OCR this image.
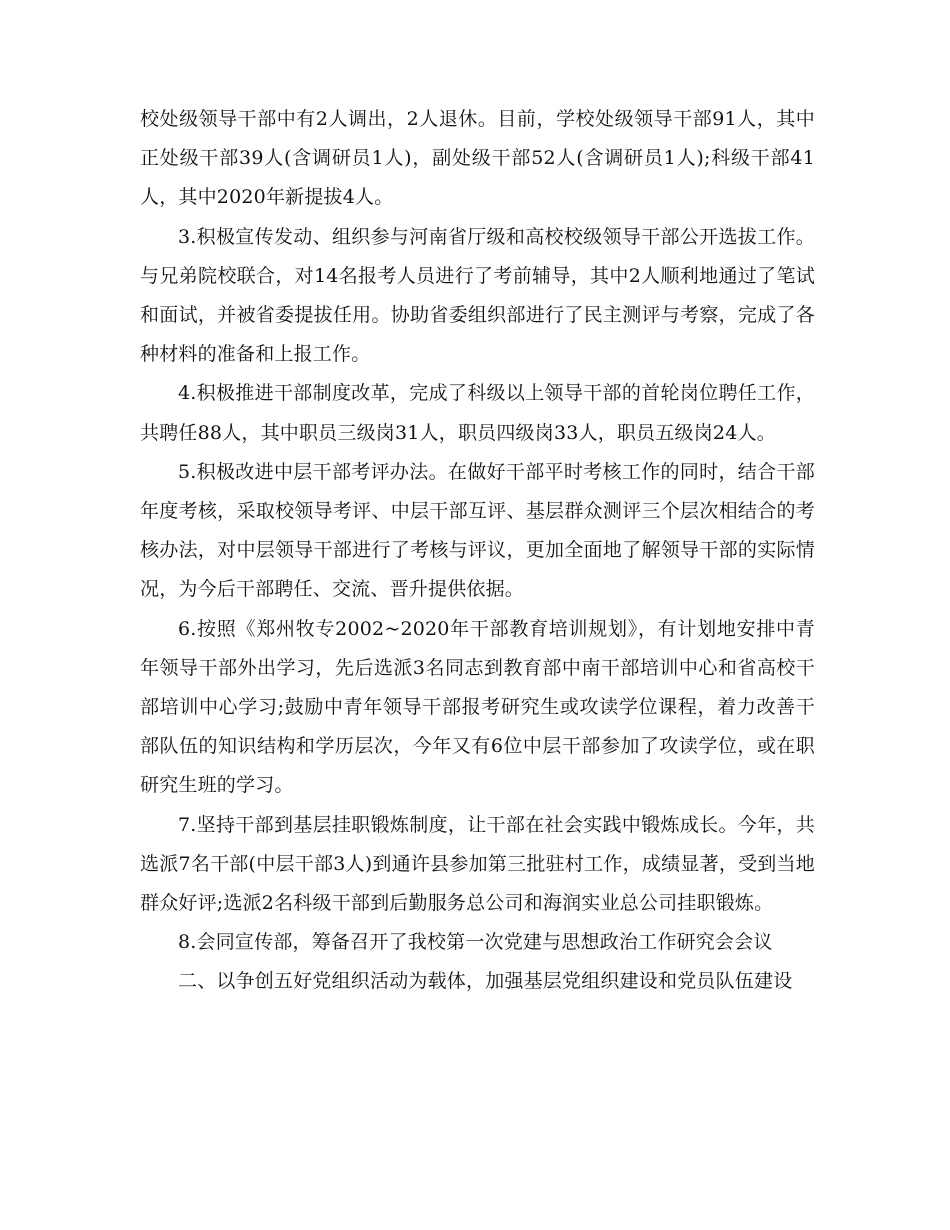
校处级领导干部中有2人调出，2人退休。目前，学校处级领导干部91人，其中正处级干部39人(含调研员1人)，副处级干部52人(含调研员1人);科级干部41人，其中2020年新提拔4人。

3.积极宣传发动、组织参与河南省厅级和高校校级领导干部公开选拔工作。与兄弟院校联合，对14名报考人员进行了考前辅导，其中2人顺利地通过了笔试和面试，并被省委提拔任用。协助省委组织部进行了民主测评与考察，完成了各种材料的准备和上报工作。

4.积极推进干部制度改革，完成了科级以上领导干部的首轮岗位聘任工作，共聘任88人，其中职员三级岗31人，职员四级岗33人，职员五级岗24人。

5.积极改进中层干部考评办法。在做好干部平时考核工作的同时，结合干部年度考核，采取校领导考评、中层干部互评、基层群众测评三个层次相结合的考核办法，对中层领导干部进行了考核与评议，更加全面地了解领导干部的实际情况，为今后干部聘任、交流、晋升提供依据。

6.按照《郑州牧专2002~2020年干部教育培训规划》，有计划地安排中青年领导干部外出学习，先后选派3名同志到教育部中南干部培训中心和省高校干部培训中心学习;鼓励中青年领导干部报考研究生或攻读学位课程，着力改善干部队伍的知识结构和学历层次，今年又有6位中层干部参加了攻读学位，或在职研究生班的学习。

7.坚持干部到基层挂职锻炼制度，让干部在社会实践中锻炼成长。今年，共选派7名干部(中层干部3人)到通许县参加第三批驻村工作，成绩显著，受到当地群众好评;选派2名科级干部到后勤服务总公司和海润实业总公司挂职锻炼。

8.会同宣传部，筹备召开了我校第一次党建与思想政治工作研究会会议

二、以争创五好党组织活动为载体，加强基层党组织建设和党员队伍建设
